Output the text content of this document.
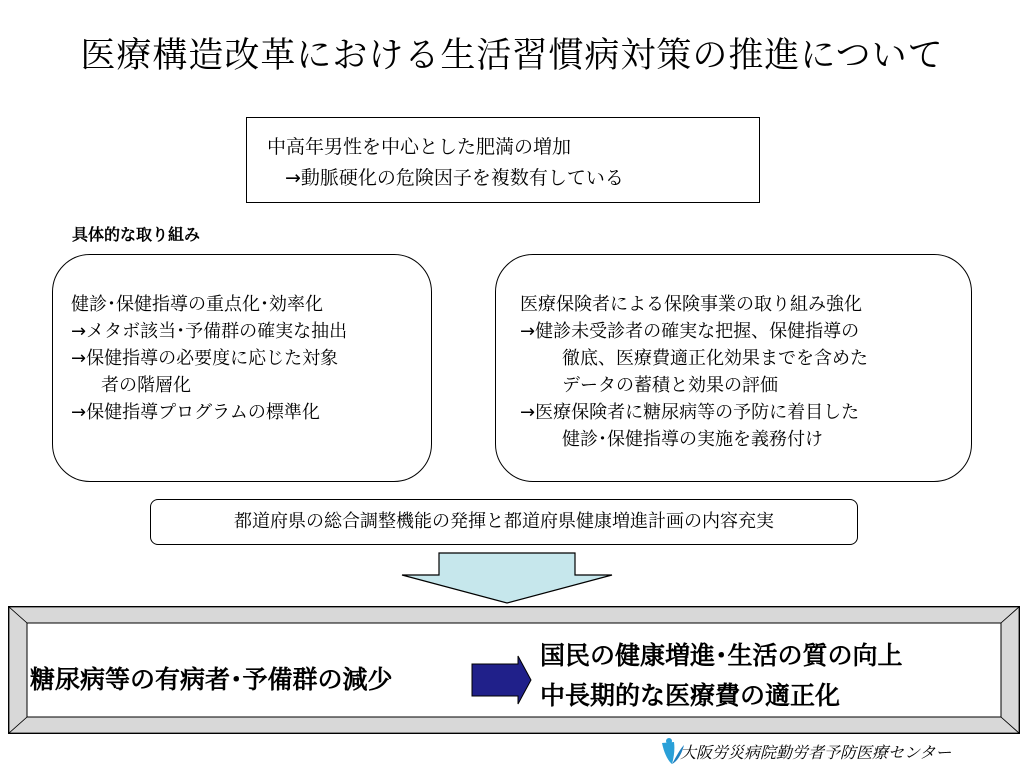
医療構造改革における生活習慣病対策の推進について
中高年男性を中心とした肥満の増加
→動脈硬化の危険因子を複数有している
具体的な取り組み
健診･保健指導の重点化･効率化
→メタボ該当･予備群の確実な抽出
→保健指導の必要度に応じた対象
者の階層化
→保健指導プログラムの標準化
医療保険者による保険事業の取り組み強化
→健診未受診者の確実な把握、保健指導の
徹底、医療費適正化効果までを含めた
データの蓄積と効果の評価
→医療保険者に糖尿病等の予防に着目した
健診･保健指導の実施を義務付け
都道府県の総合調整機能の発揮と都道府県健康増進計画の内容充実
糖尿病等の有病者･予備群の減少
国民の健康増進･生活の質の向上
中長期的な医療費の適正化
大阪労災病院勤労者予防医療センター
